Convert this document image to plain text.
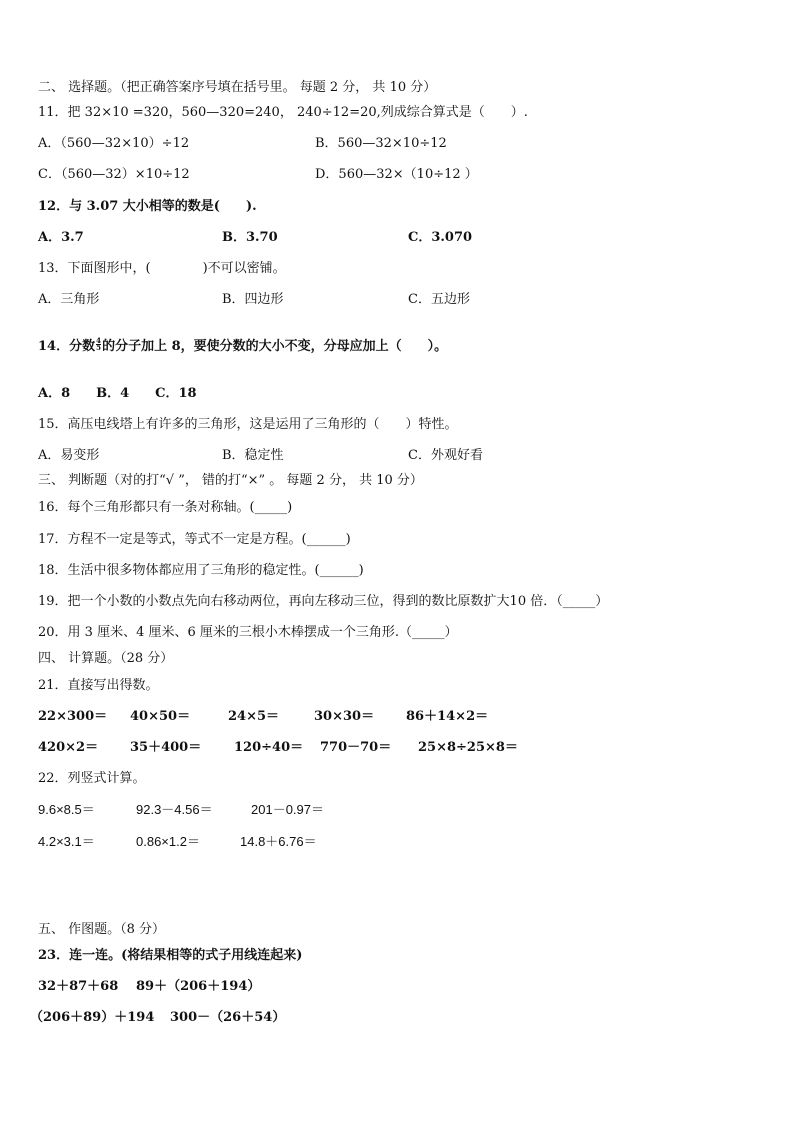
二、 选择题。（把正确答案序号填在括号里。 每题 2 分， 共 10 分）
11．把 32×10 =320，560—320=240， 240÷12=20,列成综合算式是（　　）.
A．（560—32×10）÷12	B．560—32×10÷12
C．（560—32）×10÷12	D．560—32×（10÷12 ）
12．与 3.07 大小相等的数是(　　).
A．3.7	B．3.70	C．3.070
13．下面图形中，(　　　　)不可以密铺。
A．三角形	B．四边形	C．五边形
14．分数 $\frac{4}{5}$ 的分子加上 8，要使分数的大小不变，分母应加上（　　）。
A．8　　B．4　　C．18
15．高压电线塔上有许多的三角形，这是运用了三角形的（　　）特性。
A．易变形	B．稳定性	C．外观好看
三、 判断题（对的打“√ ”， 错的打“×” 。 每题 2 分， 共 10 分）
16．每个三角形都只有一条对称轴。(_____)
17．方程不一定是等式，等式不一定是方程。(______)
18．生活中很多物体都应用了三角形的稳定性。(______)
19．把一个小数的小数点先向右移动两位，再向左移动三位，得到的数比原数扩大10 倍．（_____）
20．用 3 厘米、4 厘米、6 厘米的三根小木棒摆成一个三角形.（_____）
四、 计算题。（28 分）
21．直接写出得数。
22×300＝ 40×50＝	24×5＝	30×30＝ 86＋14×2＝
420×2＝ 35＋400＝	120÷40＝ 770－70＝ 25×8÷25×8＝
22．列竖式计算。
9.6×8.5＝	92.3－4.56＝	201－0.97＝
4.2×3.1＝	0.86×1.2＝	14.8＋6.76＝
五、 作图题。（8 分）
23．连一连。(将结果相等的式子用线连起来)
32＋87＋68 89＋（206＋194）
（206＋89）＋194 300－（26＋54）
